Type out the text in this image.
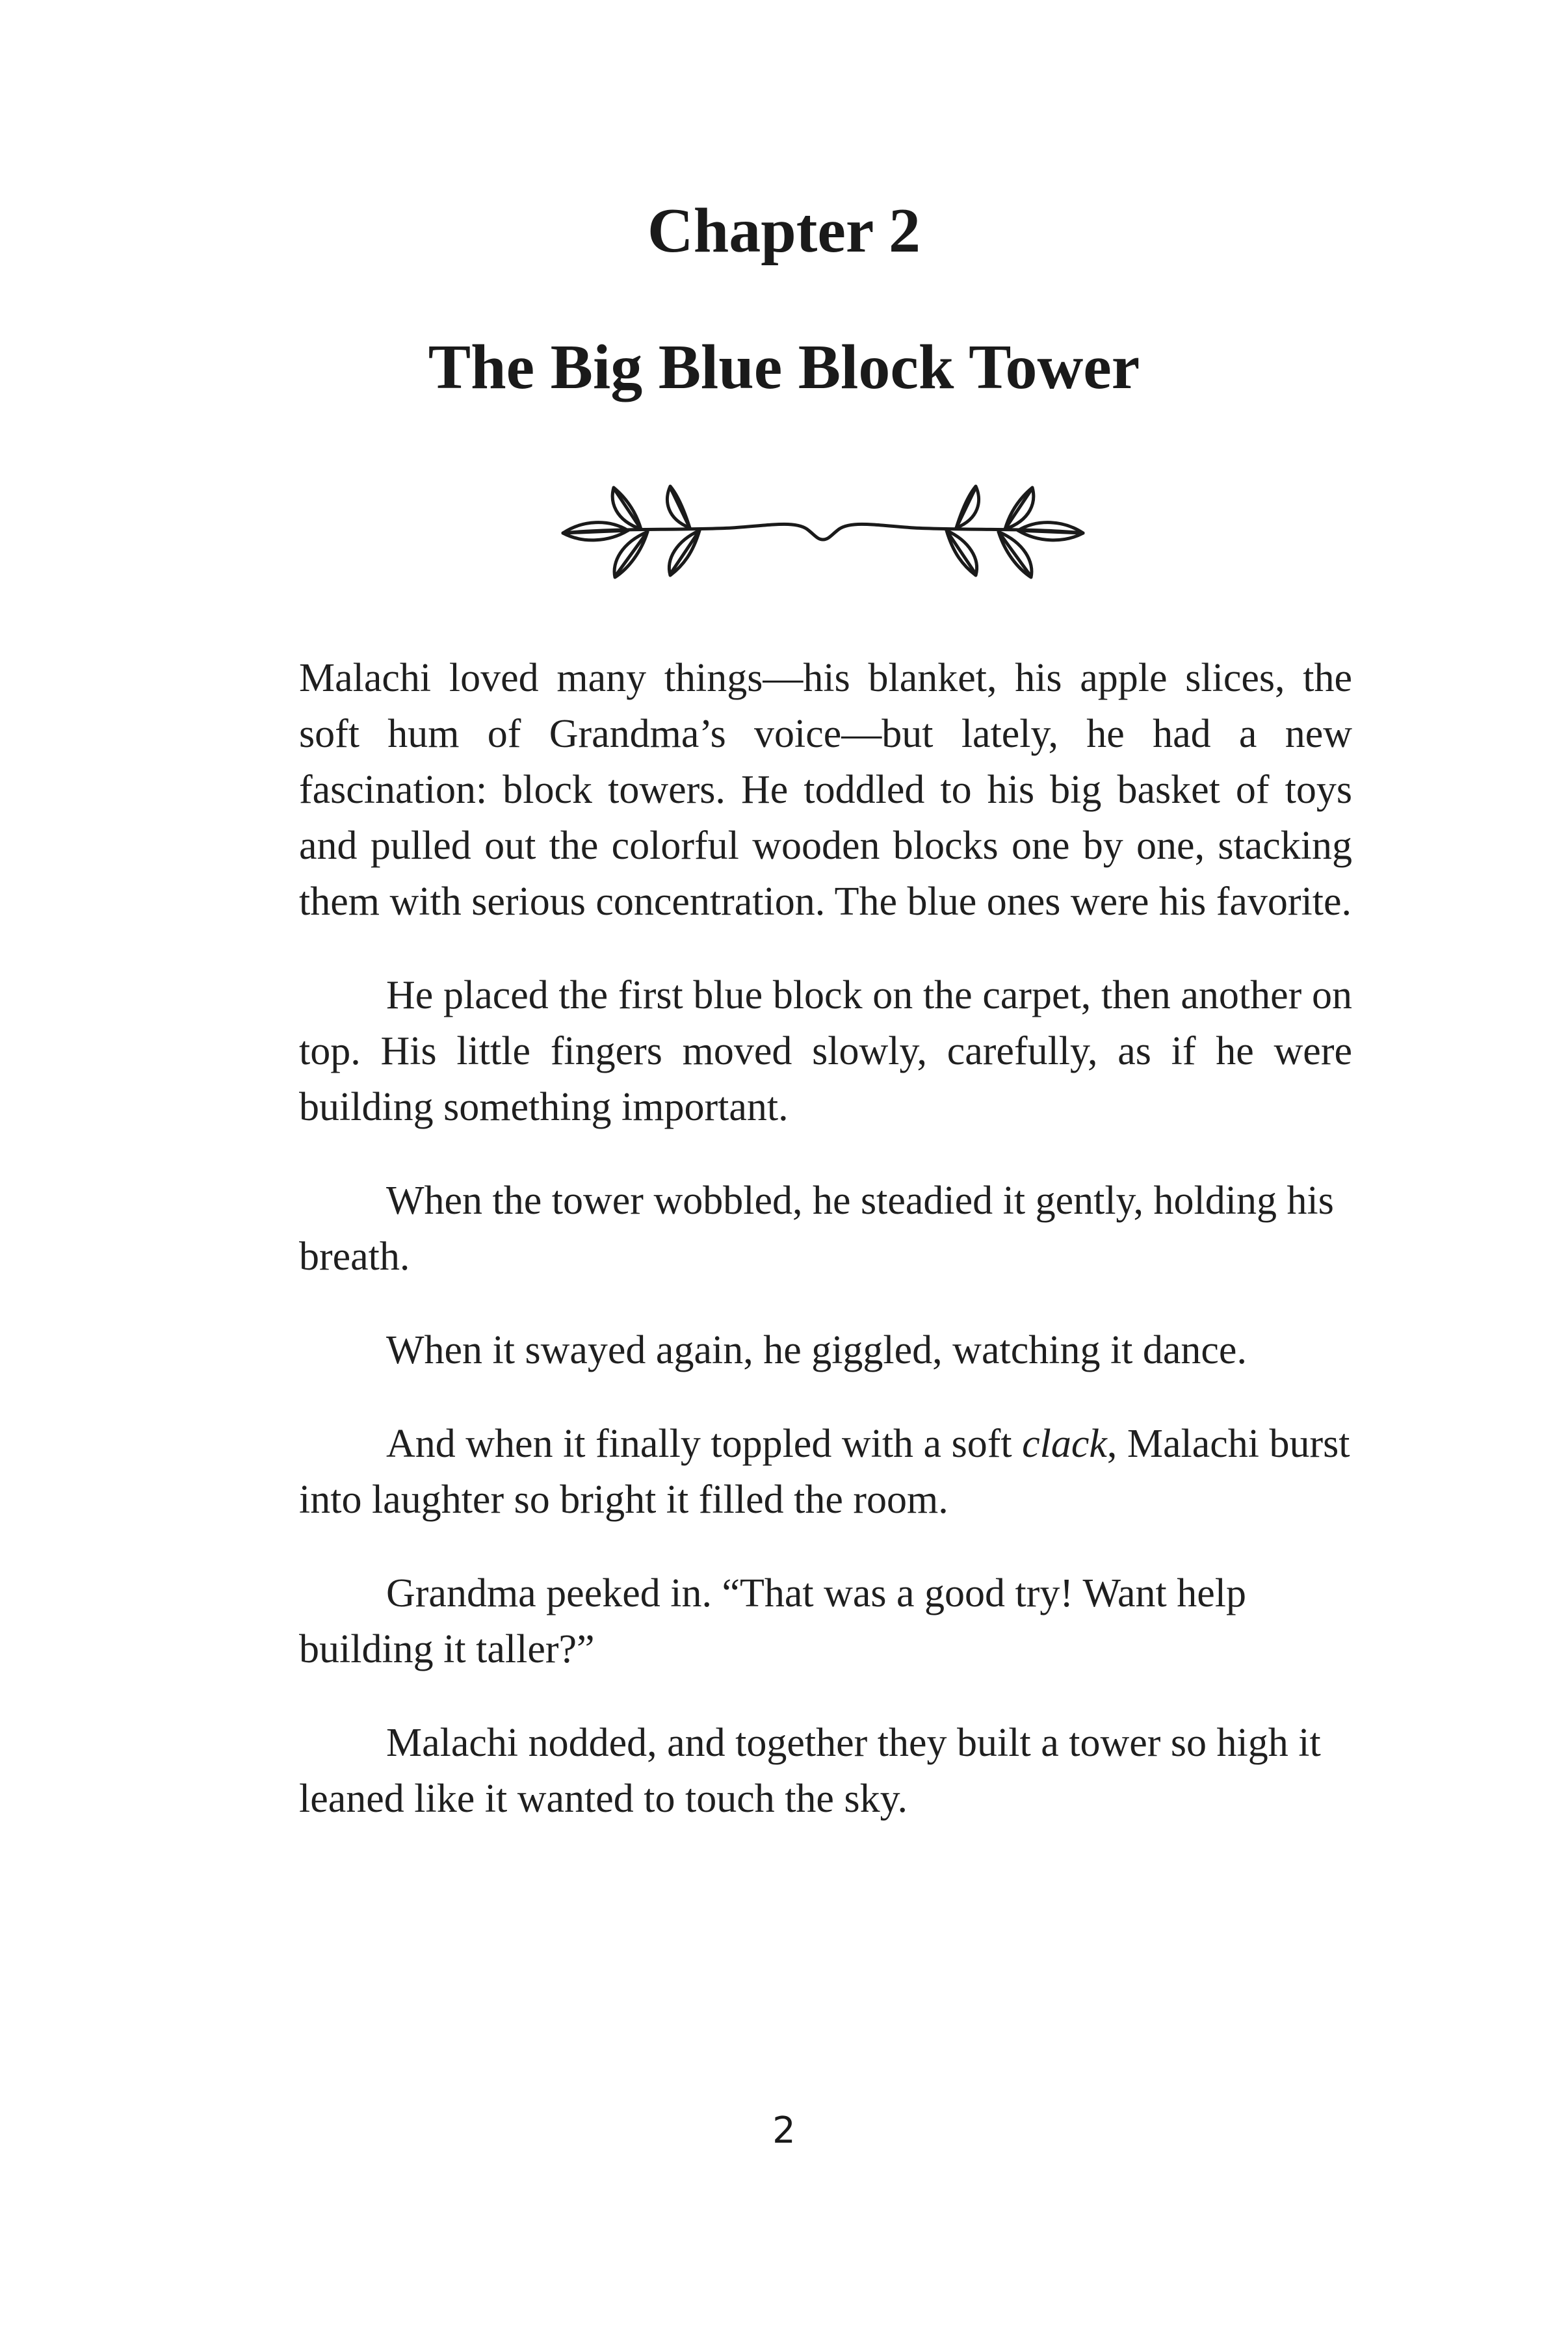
Chapter 2
The Big Blue Block Tower

Malachi loved many things—his blanket, his apple slices, the soft hum of Grandma’s voice—but lately, he had a new fascination: block towers. He toddled to his big basket of toys and pulled out the colorful wooden blocks one by one, stacking them with serious concentration. The blue ones were his favorite.

He placed the first blue block on the carpet, then another on top. His little fingers moved slowly, carefully, as if he were building something important.

When the tower wobbled, he steadied it gently, holding his breath.

When it swayed again, he giggled, watching it dance.

And when it finally toppled with a soft clack, Malachi burst into laughter so bright it filled the room.

Grandma peeked in. “That was a good try! Want help building it taller?”

Malachi nodded, and together they built a tower so high it leaned like it wanted to touch the sky.

2
